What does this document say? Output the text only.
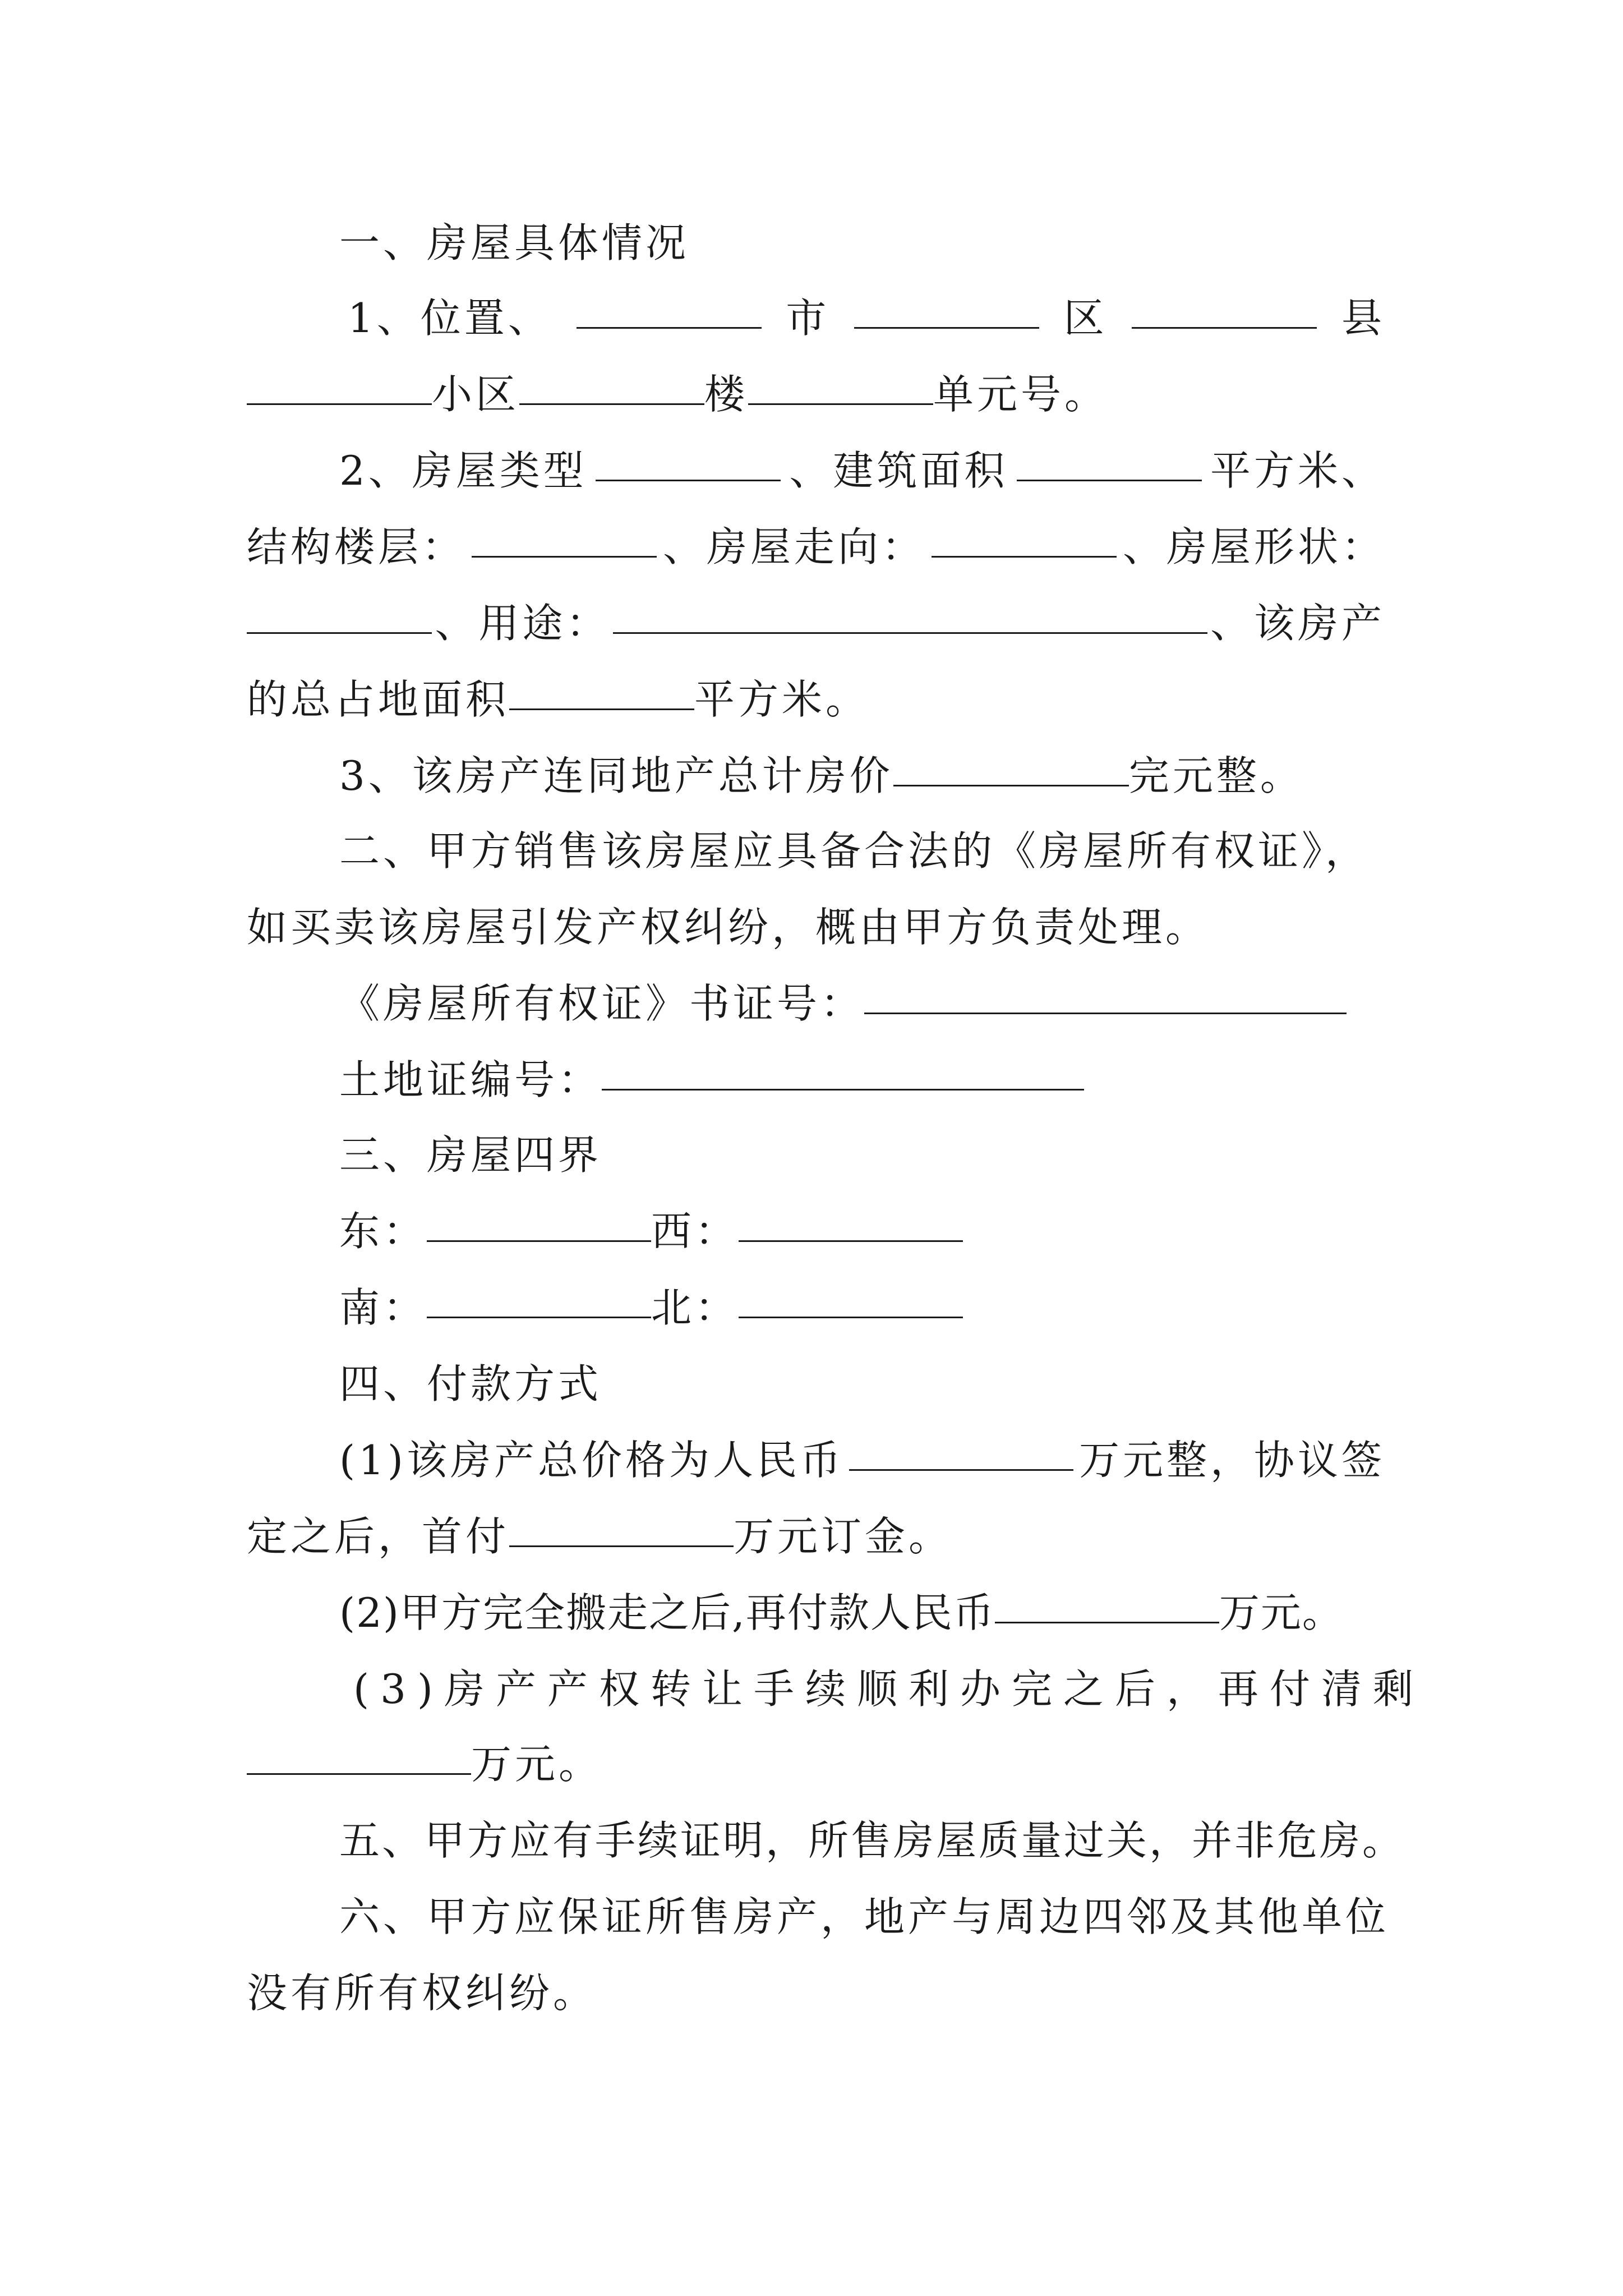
一、房屋具体情况
1、位置、	市	区	县
小区	楼	单元号。
2、房屋类型	、建筑面积	平方米、
结构楼层：	、房屋走向：	、房屋形状：
、用途：	、该房产
的总占地面积	平方米。
3、该房产连同地产总计房价	完元整。
二、甲方销售该房屋应具备合法的《房屋所有权证》，
如买卖该房屋引发产权纠纷，概由甲方负责处理。
《房屋所有权证》书证号：
土地证编号：
三、房屋四界
东：	西：
南：	北：
四、付款方式
(1)该房产总价格为人民币	万元整，协议签
定之后，首付	万元订金。
(2)甲方完全搬走之后,再付款人民币	万元。
(3)房产产权转让手续顺利办完之后，再付清剩
万元。
五、甲方应有手续证明，所售房屋质量过关，并非危房。
六、甲方应保证所售房产，地产与周边四邻及其他单位
没有所有权纠纷。
